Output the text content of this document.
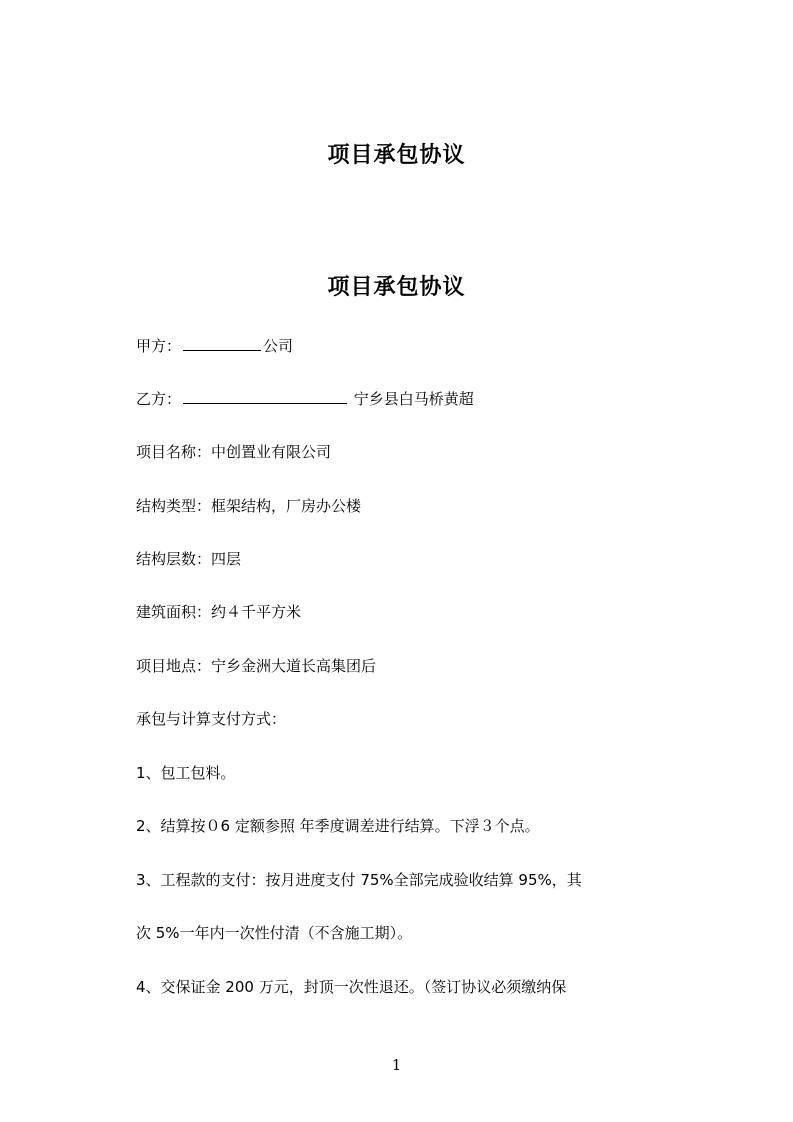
项目承包协议
项目承包协议
甲方：	公司
乙方：	宁乡县白马桥黄超
项目名称：中创置业有限公司
结构类型：框架结构，厂房办公楼
结构层数：四层
建筑面积：约４千平方米
项目地点：宁乡金洲大道长高集团后
承包与计算支付方式：
1、包工包料。
2、结算按０6 定额参照 年季度调差进行结算。下浮３个点。
3、工程款的支付：按月进度支付 75%全部完成验收结算 95%，其
次 5%一年内一次性付清（不含施工期）。
4、交保证金 200 万元，封顶一次性退还。（签订协议必须缴纳保
1
